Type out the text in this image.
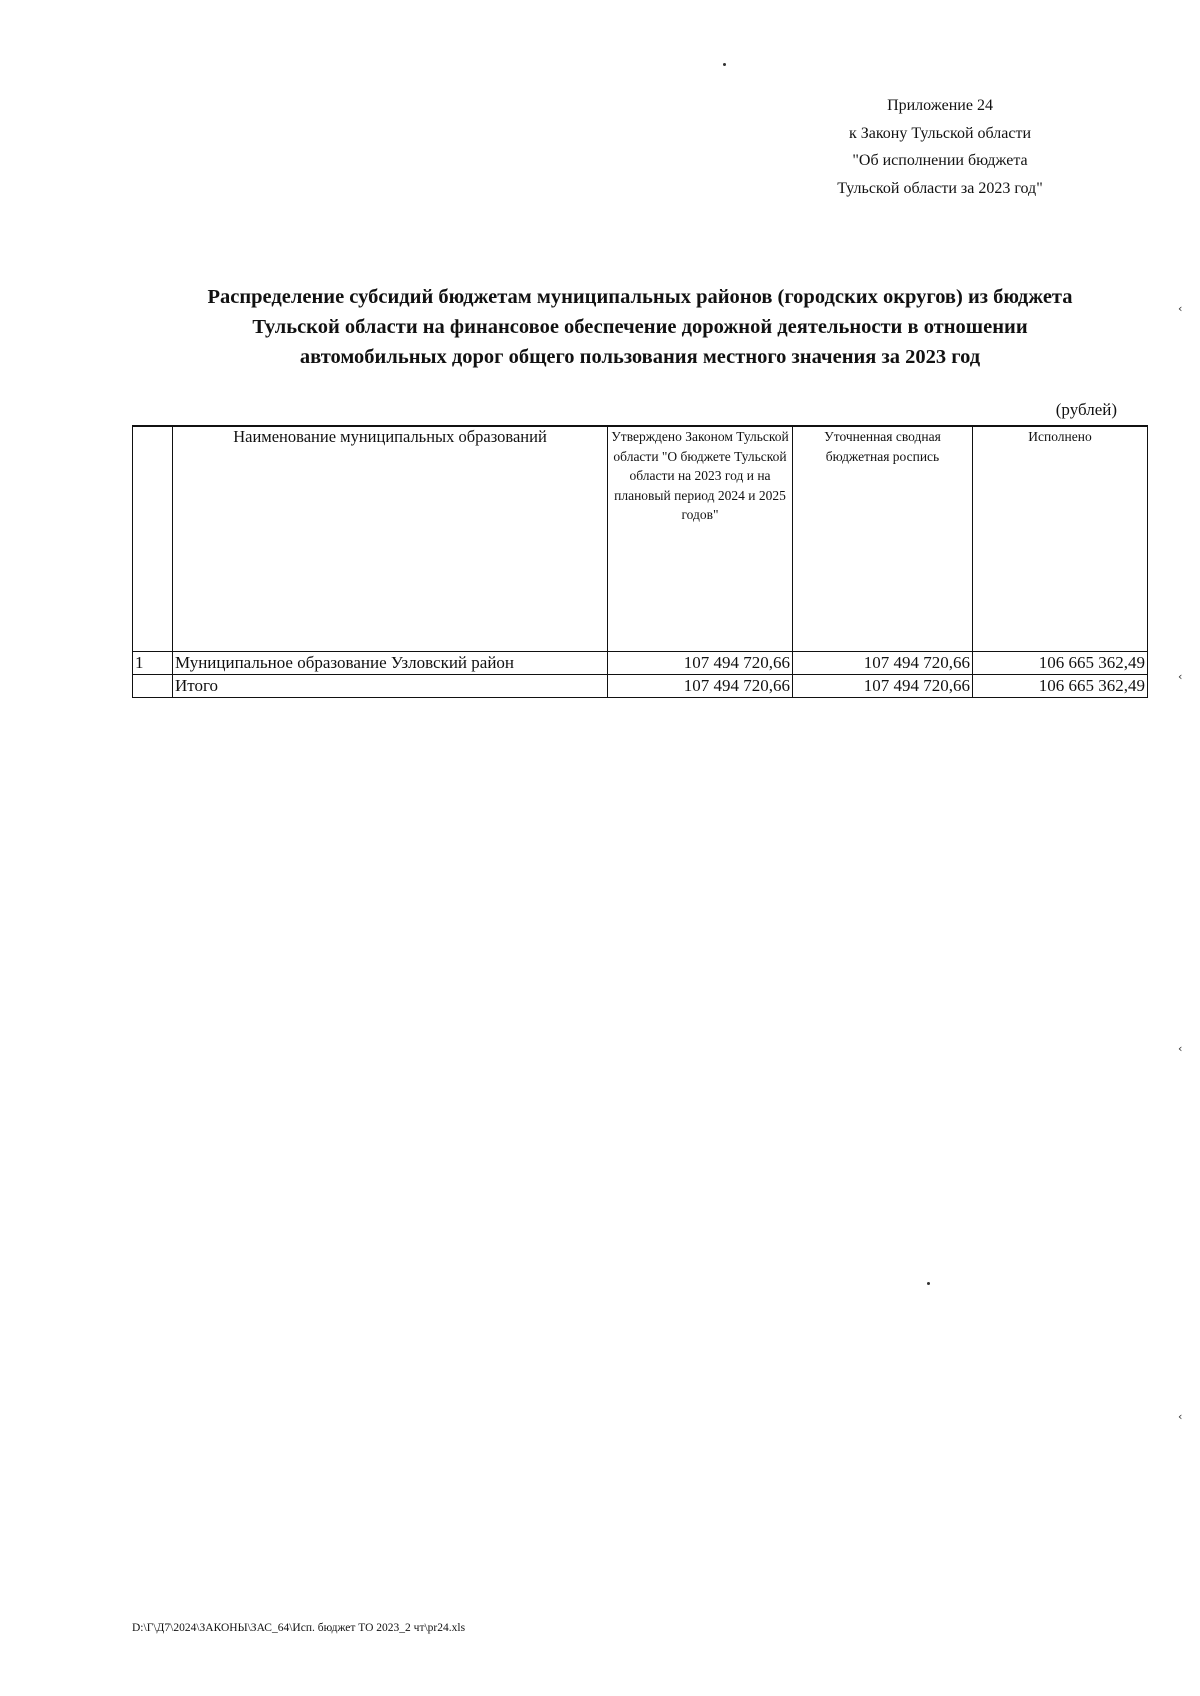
Приложение 24
к Закону Тульской области
"Об исполнении бюджета
Тульской области за 2023 год"
Распределение субсидий бюджетам муниципальных районов (городских округов) из бюджета
Тульской области на финансовое обеспечение дорожной деятельности в отношении
автомобильных дорог общего пользования местного значения за 2023 год
(рублей)
	Наименование муниципальных образований	Утверждено Законом Тульской области "О бюджете Тульской области на 2023 год и на плановый период 2024 и 2025 годов"	Уточненная сводная бюджетная роспись	Исполнено
1	Муниципальное образование Узловский район	107 494 720,66	107 494 720,66	106 665 362,49
	Итого	107 494 720,66	107 494 720,66	106 665 362,49
D:\Г\Д7\2024\ЗАКОНЫ\ЗАС_64\Исп. бюджет ТО 2023_2 чт\pr24.xls
‹
‹
‹
‹
